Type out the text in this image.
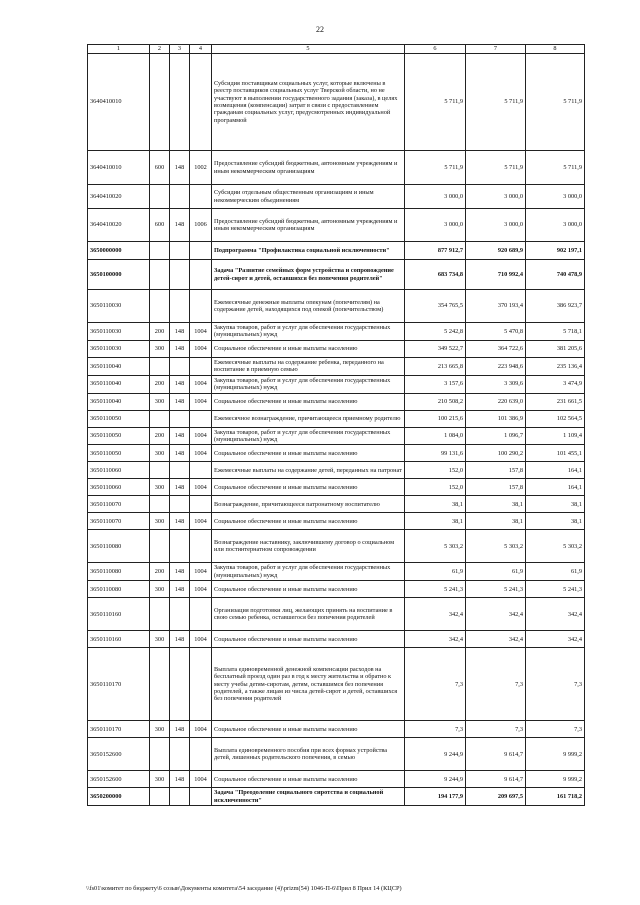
22
1	2	3	4	5	6	7	8
3640410010				Субсидия поставщикам социальных услуг, которые включены в реестр поставщиков социальных услуг Тверской области, но не участвуют в выполнении государственного задания (заказа), в целях возмещения (компенсации) затрат в связи с предоставлением гражданам социальных услуг, предусмотренных индивидуальной программой	5 711,9	5 711,9	5 711,9
3640410010	600	148	1002	Предоставление субсидий бюджетным, автономным учреждениям и иным некоммерческим организациям	5 711,9	5 711,9	5 711,9
3640410020				Субсидии отдельным общественным организациям и иным некоммерческим объединениям	3 000,0	3 000,0	3 000,0
3640410020	600	148	1006	Предоставление субсидий бюджетным, автономным учреждениям и иным некоммерческим организациям	3 000,0	3 000,0	3 000,0
3650000000				Подпрограмма "Профилактика социальной исключенности"	877 912,7	920 689,9	902 197,1
3650100000				Задача "Развитие семейных форм устройства и сопровождение детей-сирот и детей, оставшихся без попечения родителей"	683 734,8	710 992,4	740 478,9
3650110030				Ежемесячные денежные выплаты опекунам (попечителям) на содержание детей, находящихся под опекой (попечительством)	354 765,5	370 193,4	386 923,7
3650110030	200	148	1004	Закупка товаров, работ и услуг для обеспечения государственных (муниципальных) нужд	5 242,8	5 470,8	5 718,1
3650110030	300	148	1004	Социальное обеспечение и иные выплаты населению	349 522,7	364 722,6	381 205,6
3650110040				Ежемесячные выплаты на содержание ребенка, переданного на воспитание в приемную семью	213 665,8	223 948,6	235 136,4
3650110040	200	148	1004	Закупка товаров, работ и услуг для обеспечения государственных (муниципальных) нужд	3 157,6	3 309,6	3 474,9
3650110040	300	148	1004	Социальное обеспечение и иные выплаты населению	210 508,2	220 639,0	231 661,5
3650110050				Ежемесячное вознаграждение, причитающееся приемному родителю	100 215,6	101 386,9	102 564,5
3650110050	200	148	1004	Закупка товаров, работ и услуг для обеспечения государственных (муниципальных) нужд	1 084,0	1 096,7	1 109,4
3650110050	300	148	1004	Социальное обеспечение и иные выплаты населению	99 131,6	100 290,2	101 455,1
3650110060				Ежемесячные выплаты на содержание детей, переданных на патронат	152,0	157,8	164,1
3650110060	300	148	1004	Социальное обеспечение и иные выплаты населению	152,0	157,8	164,1
3650110070				Вознаграждение, причитающееся патронатному воспитателю	38,1	38,1	38,1
3650110070	300	148	1004	Социальное обеспечение и иные выплаты населению	38,1	38,1	38,1
3650110080				Вознаграждение наставнику, заключившему договор о социальном или постинтернатном сопровождении	5 303,2	5 303,2	5 303,2
3650110080	200	148	1004	Закупка товаров, работ и услуг для обеспечения государственных (муниципальных) нужд	61,9	61,9	61,9
3650110080	300	148	1004	Социальное обеспечение и иные выплаты населению	5 241,3	5 241,3	5 241,3
3650110160				Организация подготовки лиц, желающих принять на воспитание в свою семью ребенка, оставшегося без попечения родителей	342,4	342,4	342,4
3650110160	300	148	1004	Социальное обеспечение и иные выплаты населению	342,4	342,4	342,4
3650110170				Выплата единовременной денежной компенсации расходов на бесплатный проезд один раз в год к месту жительства и обратно к месту учебы детям-сиротам, детям, оставшимся без попечения родителей, а также лицам из числа детей-сирот и детей, оставшихся без попечения родителей	7,3	7,3	7,3
3650110170	300	148	1004	Социальное обеспечение и иные выплаты населению	7,3	7,3	7,3
3650152600				Выплата единовременного пособия при всех формах устройства детей, лишенных родительского попечения, в семью	9 244,9	9 614,7	9 999,2
3650152600	300	148	1004	Социальное обеспечение и иные выплаты населению	9 244,9	9 614,7	9 999,2
3650200000				Задача "Преодоление социального сиротства и социальной исключенности"	194 177,9	209 697,5	161 718,2
\\fs01\комитет по бюджету\6 созыв\Документы комитета\54 заседание (4)\prizm(54) 1046-П-6\Прил 8 Прил 14 (КЦСР)
